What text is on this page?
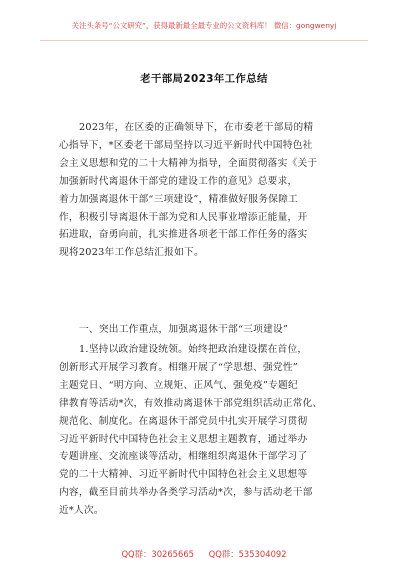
关注头条号“公文研究”，获得最新最全最专业的公文资料库！ 微信：gongwenyj
老干部局2023年工作总结
2023年，在区委的正确领导下，在市委老干部局的精
心指导下，*区委老干部局坚持以习近平新时代中国特色社
会主义思想和党的二十大精神为指导，全面贯彻落实《关于
加强新时代离退休干部党的建设工作的意见》总要求，
着力加强离退休干部“三项建设”，精准做好服务保障工
作，积极引导离退休干部为党和人民事业增添正能量，开
拓进取，奋勇向前，扎实推进各项老干部工作任务的落实
现将2023年工作总结汇报如下。
一、突出工作重点，加强离退休干部“三项建设”
1.坚持以政治建设统领。始终把政治建设摆在首位，
创新形式开展学习教育。相继开展了“学思想、强党性”
主题党日、“明方向、立规矩、正风气、强免疫”专题纪
律教育等活动*次，有效推动离退休干部党组织活动正常化、
规范化、制度化。在离退休干部党员中扎实开展学习贯彻
习近平新时代中国特色社会主义思想主题教育，通过举办
专题讲座、交流座谈等活动，相继组织离退休干部学习了
党的二十大精神、习近平新时代中国特色社会主义思想等
内容，截至目前共举办各类学习活动*次，参与活动老干部
近*人次。
QQ群：30265665 QQ群：535304092
